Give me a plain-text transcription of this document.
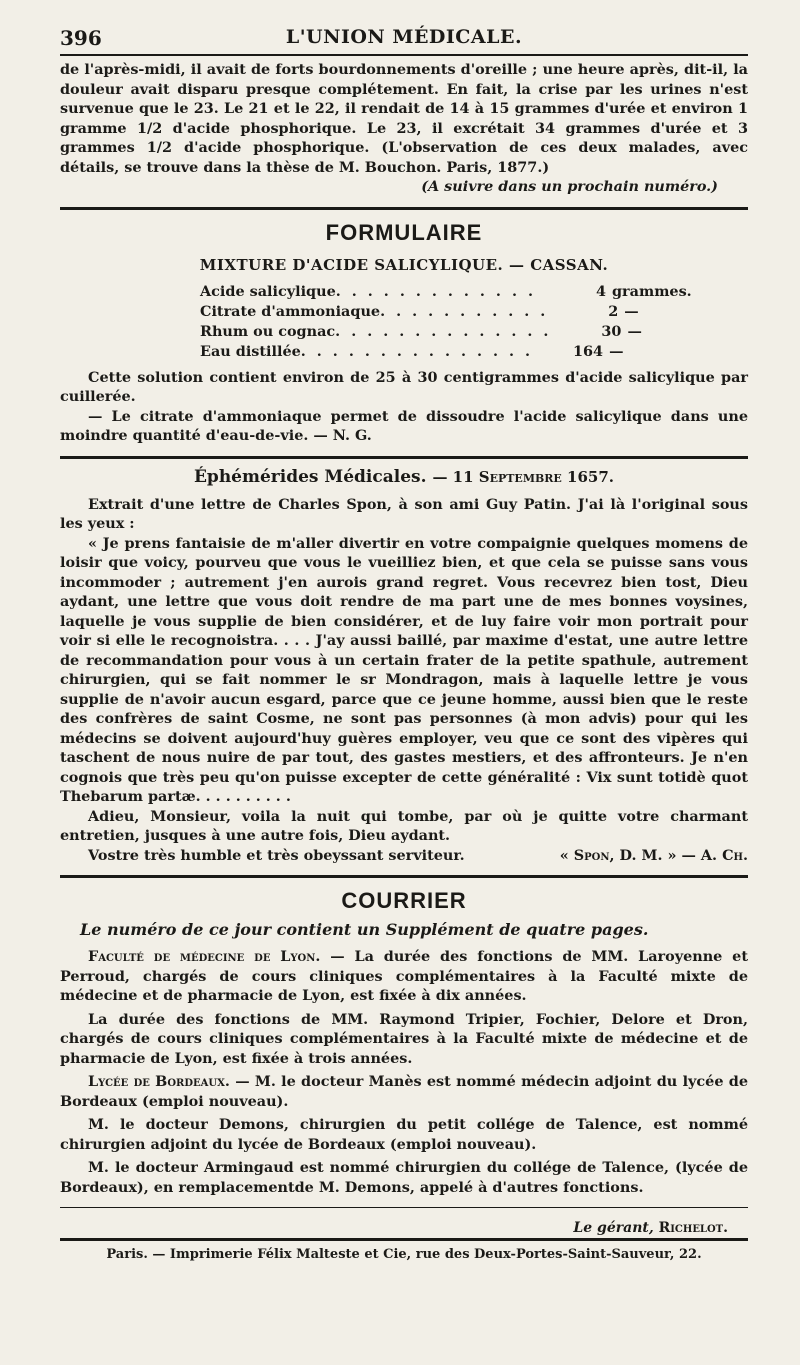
396	L'UNION MÉDICALE.

de l'après-midi, il avait de forts bourdonnements d'oreille ; une heure après, dit-il, la douleur avait disparu presque complétement. En fait, la crise par les urines n'est survenue que le 23. Le 21 et le 22, il rendait de 14 à 15 grammes d'urée et environ 1 gramme 1/2 d'acide phosphorique. Le 23, il excrétait 34 grammes d'urée et 3 grammes 1/2 d'acide phosphorique. (L'observation de ces deux malades, avec détails, se trouve dans la thèse de M. Bouchon. Paris, 1877.)

(A suivre dans un prochain numéro.)

FORMULAIRE
MIXTURE D'ACIDE SALICYLIQUE. — CASSAN.
Acide salicylique . . . . . . . . . . . . .	4 grammes.
Citrate d'ammoniaque . . . . . . . . . . .	2 —
Rhum ou cognac . . . . . . . . . . . . . .	30 —
Eau distillée . . . . . . . . . . . . . . .	164 —

Cette solution contient environ de 25 à 30 centigrammes d'acide salicylique par cuillerée.

— Le citrate d'ammoniaque permet de dissoudre l'acide salicylique dans une moindre quantité d'eau-de-vie. — N. G.

Éphémérides Médicales. — 11 Septembre 1657.

Extrait d'une lettre de Charles Spon, à son ami Guy Patin. J'ai là l'original sous les yeux :

« Je prens fantaisie de m'aller divertir en votre compaignie quelques momens de loisir que voicy, pourveu que vous le vueilliez bien, et que cela se puisse sans vous incommoder ; autrement j'en aurois grand regret. Vous recevrez bien tost, Dieu aydant, une lettre que vous doit rendre de ma part une de mes bonnes voysines, laquelle je vous supplie de bien considérer, et de luy faire voir mon portrait pour voir si elle le recognoistra. . . . J'ay aussi baillé, par maxime d'estat, une autre lettre de recommandation pour vous à un certain frater de la petite spathule, autrement chirurgien, qui se fait nommer le sr Mondragon, mais à laquelle lettre je vous supplie de n'avoir aucun esgard, parce que ce jeune homme, aussi bien que le reste des confrères de saint Cosme, ne sont pas personnes (à mon advis) pour qui les médecins se doivent aujourd'huy guères employer, veu que ce sont des vipères qui taschent de nous nuire de par tout, des gastes mestiers, et des affronteurs. Je n'en cognois que très peu qu'on puisse excepter de cette généralité : Vix sunt totidè quot Thebarum partæ. . . . . . . . . .

Adieu, Monsieur, voila la nuit qui tombe, par où je quitte votre charmant entretien, jusques à une autre fois, Dieu aydant.

Vostre très humble et très obeyssant serviteur.	« Spon, D. M. » — A. Ch.
COURRIER
Le numéro de ce jour contient un Supplément de quatre pages.

Faculté de médecine de Lyon. — La durée des fonctions de MM. Laroyenne et Perroud, chargés de cours cliniques complémentaires à la Faculté mixte de médecine et de pharmacie de Lyon, est fixée à dix années.

La durée des fonctions de MM. Raymond Tripier, Fochier, Delore et Dron, chargés de cours cliniques complémentaires à la Faculté mixte de médecine et de pharmacie de Lyon, est fixée à trois années.

Lycée de Bordeaux. — M. le docteur Manès est nommé médecin adjoint du lycée de Bordeaux (emploi nouveau).

M. le docteur Demons, chirurgien du petit collége de Talence, est nommé chirurgien adjoint du lycée de Bordeaux (emploi nouveau).

M. le docteur Armingaud est nommé chirurgien du collége de Talence, (lycée de Bordeaux), en remplacementde M. Demons, appelé à d'autres fonctions.

Le gérant, Richelot.
Paris. — Imprimerie Félix Malteste et Cie, rue des Deux-Portes-Saint-Sauveur, 22.
